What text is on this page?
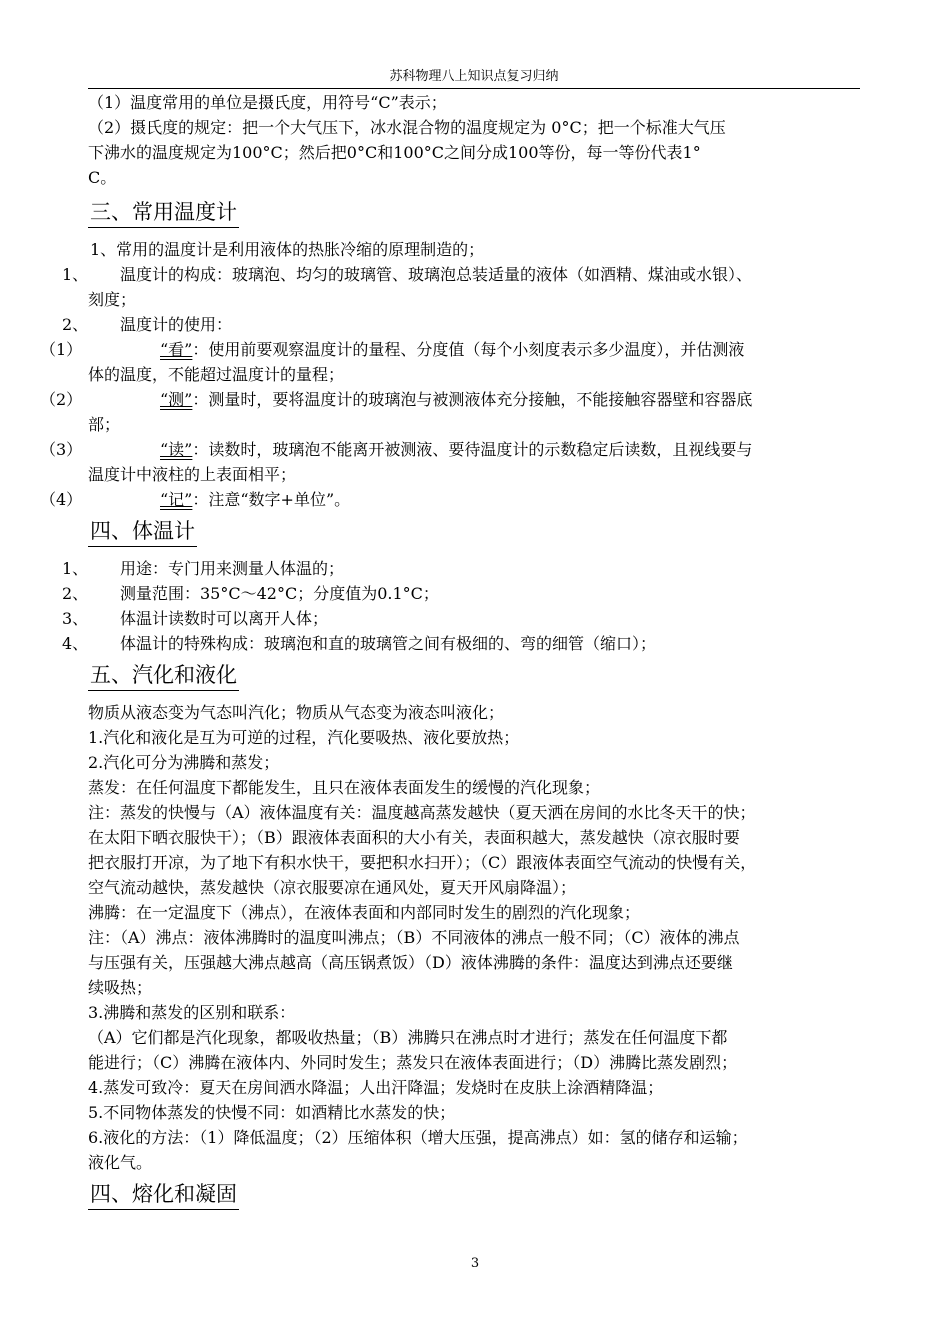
苏科物理八上知识点复习归纳

（1）温度常用的单位是摄氏度，用符号“C”表示；

（2）摄氏度的规定：把一个大气压下，冰水混合物的温度规定为 0°C；把一个标准大气压

下沸水的温度规定为100°C；然后把0°C和100°C之间分成100等份，每一等份代表1°

C。

三、常用温度计

1、常用的温度计是利用液体的热胀冷缩的原理制造的；

1、	温度计的构成：玻璃泡、均匀的玻璃管、玻璃泡总装适量的液体（如酒精、煤油或水银）、

刻度；

2、	温度计的使用：

（1）	“看”：使用前要观察温度计的量程、分度值（每个小刻度表示多少温度），并估测液

体的温度，不能超过温度计的量程；

（2）	“测”：测量时，要将温度计的玻璃泡与被测液体充分接触，不能接触容器壁和容器底

部；

（3）	“读”：读数时，玻璃泡不能离开被测液、要待温度计的示数稳定后读数，且视线要与

温度计中液柱的上表面相平；

（4）	“记”：注意“数字+单位”。

四、体温计

1、	用途：专门用来测量人体温的；

2、	测量范围：35°C～42°C；分度值为0.1°C；

3、	体温计读数时可以离开人体；

4、	体温计的特殊构成：玻璃泡和直的玻璃管之间有极细的、弯的细管（缩口）；

五、汽化和液化

物质从液态变为气态叫汽化；物质从气态变为液态叫液化；

1.汽化和液化是互为可逆的过程，汽化要吸热、液化要放热；

2.汽化可分为沸腾和蒸发；

蒸发：在任何温度下都能发生，且只在液体表面发生的缓慢的汽化现象；

注：蒸发的快慢与（A）液体温度有关：温度越高蒸发越快（夏天洒在房间的水比冬天干的快；

在太阳下晒衣服快干）；（B）跟液体表面积的大小有关，表面积越大，蒸发越快（凉衣服时要

把衣服打开凉，为了地下有积水快干，要把积水扫开）；（C）跟液体表面空气流动的快慢有关，

空气流动越快，蒸发越快（凉衣服要凉在通风处，夏天开风扇降温）；

沸腾：在一定温度下（沸点），在液体表面和内部同时发生的剧烈的汽化现象；

注：（A）沸点：液体沸腾时的温度叫沸点；（B）不同液体的沸点一般不同；（C）液体的沸点

与压强有关，压强越大沸点越高（高压锅煮饭）（D）液体沸腾的条件：温度达到沸点还要继

续吸热；

3.沸腾和蒸发的区别和联系：

（A）它们都是汽化现象，都吸收热量；（B）沸腾只在沸点时才进行；蒸发在任何温度下都

能进行；（C）沸腾在液体内、外同时发生；蒸发只在液体表面进行；（D）沸腾比蒸发剧烈；

4.蒸发可致冷：夏天在房间洒水降温；人出汗降温；发烧时在皮肤上涂酒精降温；

5.不同物体蒸发的快慢不同：如酒精比水蒸发的快；

6.液化的方法：（1）降低温度；（2）压缩体积（增大压强，提高沸点）如：氢的储存和运输；

液化气。

四、熔化和凝固
3
